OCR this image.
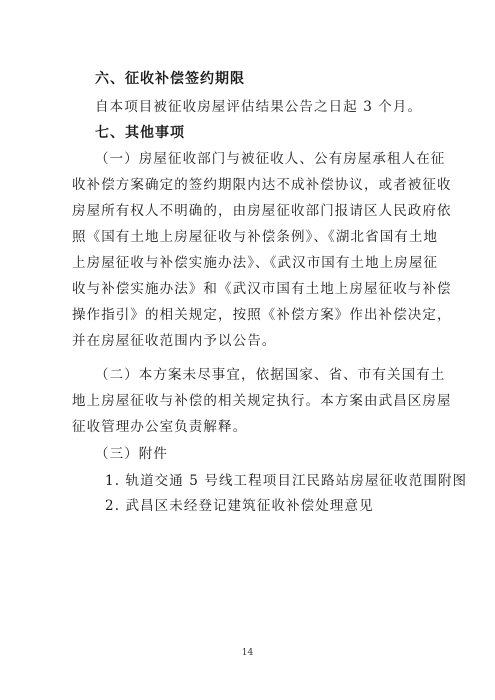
六、征收补偿签约期限
自本项目被征收房屋评估结果公告之日起 3 个月。
七、其他事项
（一）房屋征收部门与被征收人、公有房屋承租人在征
收补偿方案确定的签约期限内达不成补偿协议，或者被征收
房屋所有权人不明确的，由房屋征收部门报请区人民政府依
照《国有土地上房屋征收与补偿条例》、《湖北省国有土地
上房屋征收与补偿实施办法》、《武汉市国有土地上房屋征
收与补偿实施办法》和《武汉市国有土地上房屋征收与补偿
操作指引》的相关规定，按照《补偿方案》作出补偿决定，
并在房屋征收范围内予以公告。
（二）本方案未尽事宜，依据国家、省、市有关国有土
地上房屋征收与补偿的相关规定执行。本方案由武昌区房屋
征收管理办公室负责解释。
（三）附件
1. 轨道交通 5 号线工程项目江民路站房屋征收范围附图
2. 武昌区未经登记建筑征收补偿处理意见
14
